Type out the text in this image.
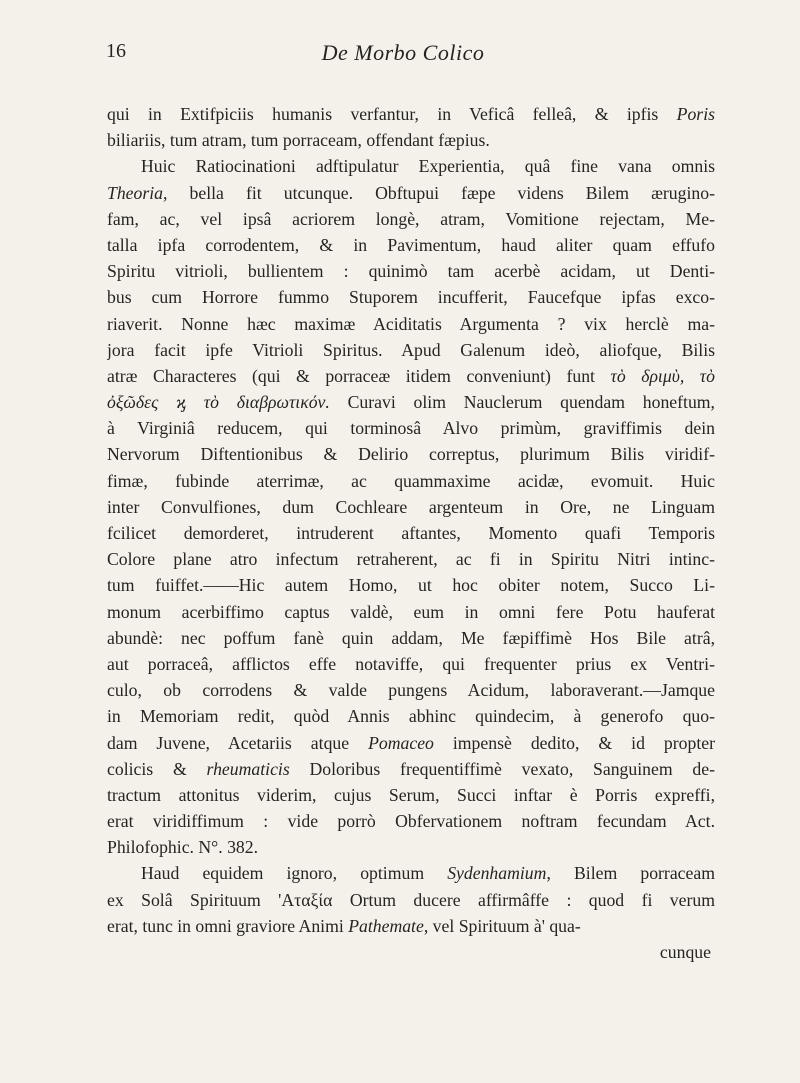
16	De Morbo Colico
qui in Extifpiciis humanis verfantur, in Veficâ felleâ, & ipfis Poris
biliariis, tum atram, tum porraceam, offendant fæpius.
Huic Ratiocinationi adftipulatur Experientia, quâ fine vana omnis
Theoria, bella fit utcunque. Obftupui fæpe videns Bilem ærugino-
fam, ac, vel ipsâ acriorem longè, atram, Vomitione rejectam, Me-
talla ipfa corrodentem, & in Pavimentum, haud aliter quam effufo
Spiritu vitrioli, bullientem : quinimò tam acerbè acidam, ut Denti-
bus cum Horrore fummo Stuporem incufferit, Faucefque ipfas exco-
riaverit. Nonne hæc maximæ Aciditatis Argumenta ? vix herclè ma-
jora facit ipfe Vitrioli Spiritus. Apud Galenum ideò, aliofque, Bilis
atræ Characteres (qui & porraceæ itidem conveniunt) funt τὸ δριμὺ, τὸ
ὀξῶδες ϗ τὸ διαβρωτικόν. Curavi olim Nauclerum quendam honeftum,
à Virginiâ reducem, qui torminosâ Alvo primùm, graviffimis dein
Nervorum Diftentionibus & Delirio correptus, plurimum Bilis viridif-
fimæ, fubinde aterrimæ, ac quammaxime acidæ, evomuit. Huic
inter Convulfiones, dum Cochleare argenteum in Ore, ne Linguam
fcilicet demorderet, intruderent aftantes, Momento quafi Temporis
Colore plane atro infectum retraherent, ac fi in Spiritu Nitri intinc-
tum fuiffet.——Hic autem Homo, ut hoc obiter notem, Succo Li-
monum acerbiffimo captus valdè, eum in omni fere Potu hauferat
abundè: nec poffum fanè quin addam, Me fæpiffimè Hos Bile atrâ,
aut porraceâ, afflictos effe notaviffe, qui frequenter prius ex Ventri-
culo, ob corrodens & valde pungens Acidum, laboraverant.—Jamque
in Memoriam redit, quòd Annis abhinc quindecim, à generofo quo-
dam Juvene, Acetariis atque Pomaceo impensè dedito, & id propter
colicis & rheumaticis Doloribus frequentiffimè vexato, Sanguinem de-
tractum attonitus viderim, cujus Serum, Succi inftar è Porris expreffi,
erat viridiffimum : vide porrò Obfervationem noftram fecundam Act.
Philofophic. N°. 382.
Haud equidem ignoro, optimum Sydenhamium, Bilem porraceam
ex Solâ Spirituum 'Αταξία Ortum ducere affirmâffe : quod fi verum
erat, tunc in omni graviore Animi Pathemate, vel Spirituum à' qua-
cunque
